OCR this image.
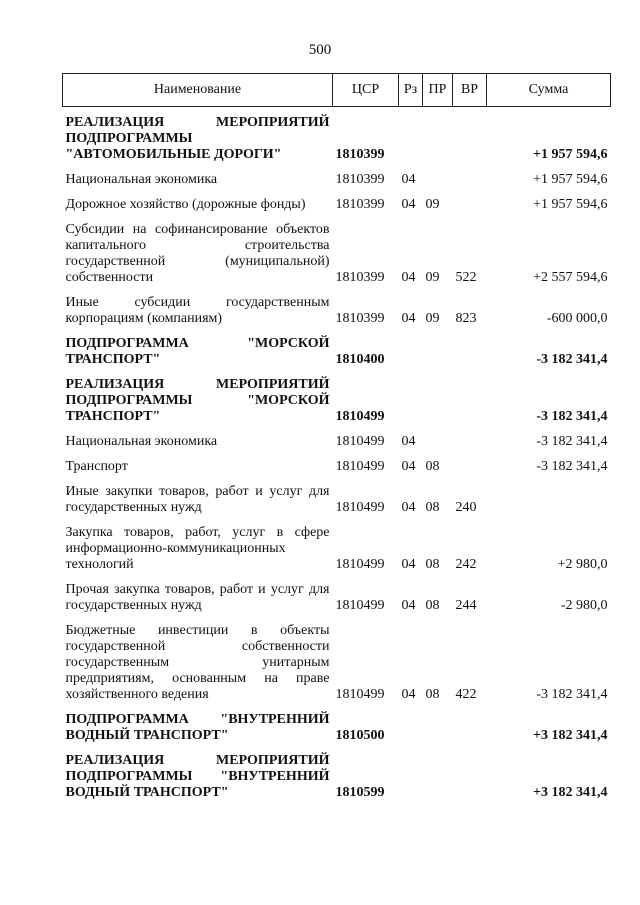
500
Наименование	ЦСР	Рз	ПР	ВР	Сумма
РЕАЛИЗАЦИЯ МЕРОПРИЯТИЙ ПОДПРОГРАММЫ "АВТОМОБИЛЬНЫЕ ДОРОГИ"	1810399				+1 957 594,6
Национальная экономика	1810399	04			+1 957 594,6
Дорожное хозяйство (дорожные фонды)	1810399	04	09		+1 957 594,6
Субсидии на софинансирование объектов капитального строительства государственной (муниципальной) собственности	1810399	04	09	522	+2 557 594,6
Иные субсидии государственным корпорациям (компаниям)	1810399	04	09	823	-600 000,0
ПОДПРОГРАММА "МОРСКОЙ ТРАНСПОРТ"	1810400				-3 182 341,4
РЕАЛИЗАЦИЯ МЕРОПРИЯТИЙ ПОДПРОГРАММЫ "МОРСКОЙ ТРАНСПОРТ"	1810499				-3 182 341,4
Национальная экономика	1810499	04			-3 182 341,4
Транспорт	1810499	04	08		-3 182 341,4
Иные закупки товаров, работ и услуг для государственных нужд	1810499	04	08	240	
Закупка товаров, работ, услуг в сфере информационно-коммуникационных технологий	1810499	04	08	242	+2 980,0
Прочая закупка товаров, работ и услуг для государственных нужд	1810499	04	08	244	-2 980,0
Бюджетные инвестиции в объекты государственной собственности государственным унитарным предприятиям, основанным на праве хозяйственного ведения	1810499	04	08	422	-3 182 341,4
ПОДПРОГРАММА "ВНУТРЕННИЙ ВОДНЫЙ ТРАНСПОРТ"	1810500				+3 182 341,4
РЕАЛИЗАЦИЯ МЕРОПРИЯТИЙ ПОДПРОГРАММЫ "ВНУТРЕННИЙ ВОДНЫЙ ТРАНСПОРТ"	1810599				+3 182 341,4
